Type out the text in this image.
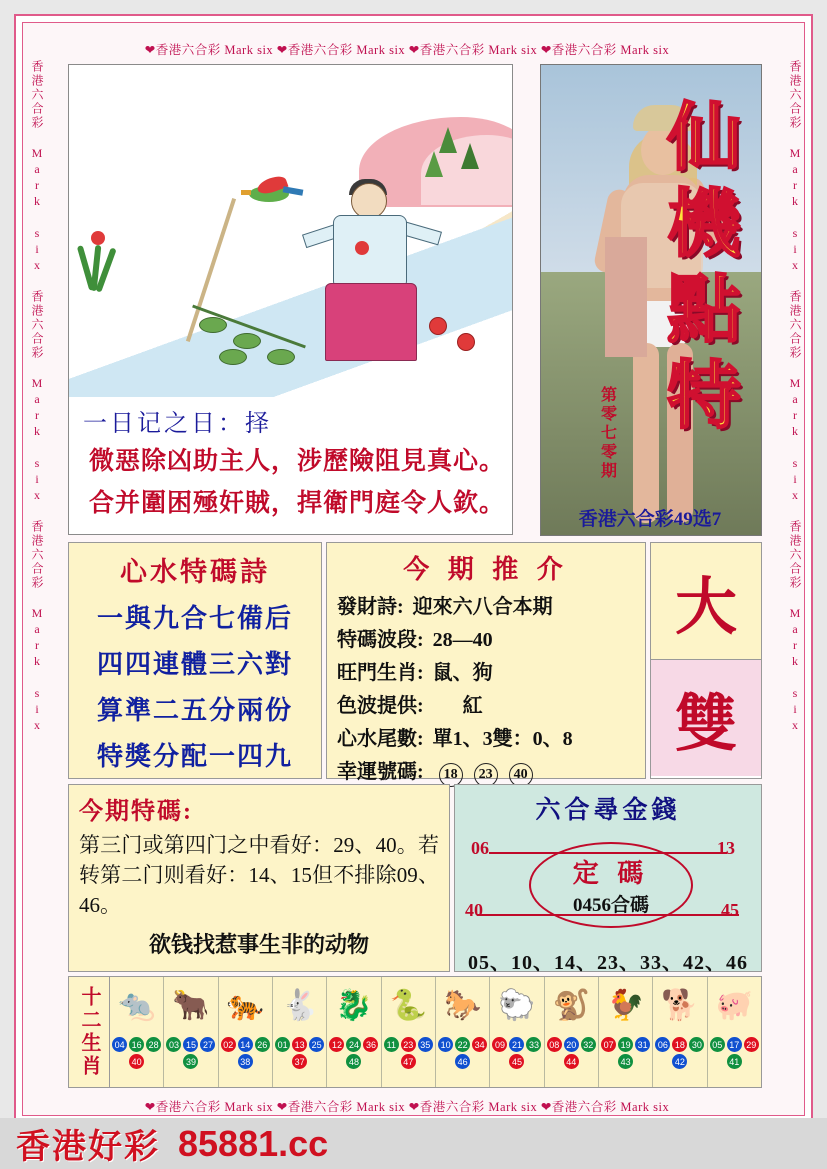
❤香港六合彩 Mark six ❤香港六合彩 Mark six ❤香港六合彩 Mark six ❤香港六合彩 Mark six
❤香港六合彩 Mark six ❤香港六合彩 Mark six ❤香港六合彩 Mark six ❤香港六合彩 Mark six
香港六合彩 Mark six 香港六合彩 Mark six 香港六合彩 Mark six	香港六合彩 Mark six 香港六合彩 Mark six 香港六合彩 Mark six
一日记之日：择
微惡除凶助主人，涉歷險阻見真心。
合并圍困殛奸賊，捍衛門庭令人欽。
仙
機
點
特
第零七零期
香港六合彩49选7
心水特碼詩
一與九合七備后
四四連體三六對
算準二五分兩份
特獎分配一四九
今 期 推 介
發財詩: 迎來六八合本期
特碼波段: 28—40
旺門生肖: 鼠、狗
色波提供: 紅
心水尾數: 單1、3雙：0、8
幸運號碼: 18 23 40
大
雙
今期特碼:
第三门或第四门之中看好：29、40。若转第二门则看好：14、15但不排除09、46。
欲钱找惹事生非的动物
六合尋金錢
06	13
40	45
定 碼
0456合碼
05、10、14、23、33、42、46
十二生肖 🐀
04 16 28
40
🐂
03 15 27
39
🐅
02 14 26
38
🐇
01 13 25
37
🐉
12 24 36
48
🐍
11 23 35
47
🐎
10 22 34
46
🐑
09 21 33
45
🐒
08 20 32
44
🐓
07 19 31
43
🐕
06 18 30
42
🐖
05 17 29
41
香港好彩 85881.cc
